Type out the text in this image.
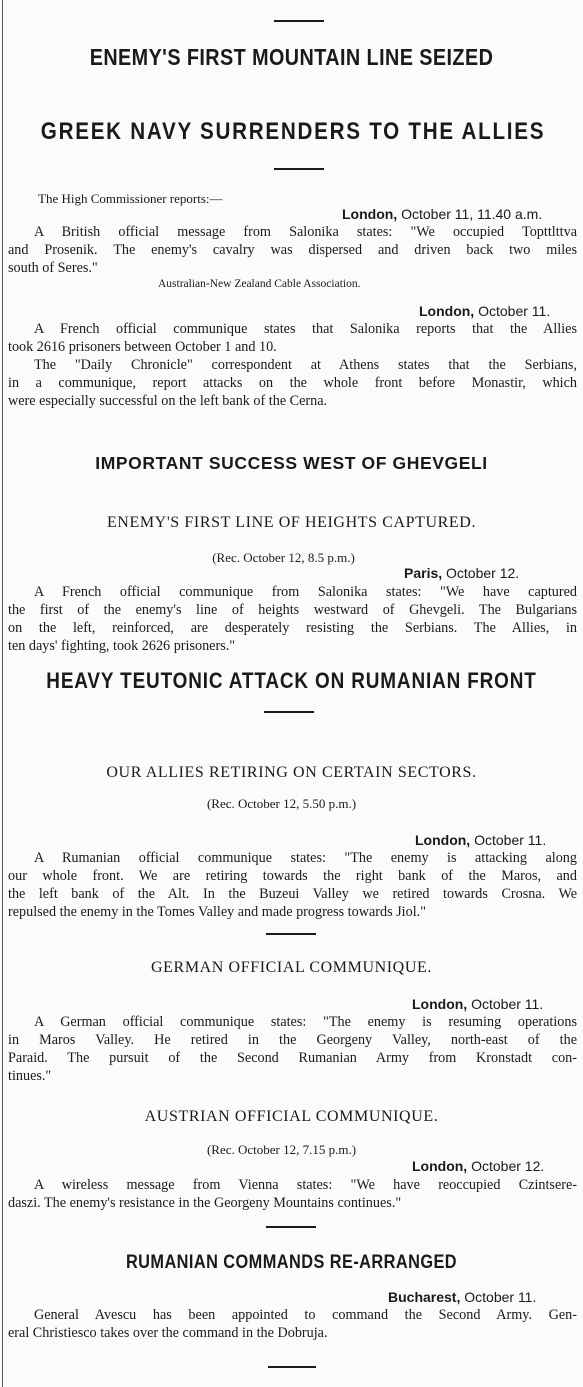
ENEMY'S FIRST MOUNTAIN LINE SEIZED
GREEK NAVY SURRENDERS TO THE ALLIES
The High Commissioner reports:—
London, October 11, 11.40 a.m.
A British official message from Salonika states: "We occupied Topttlttva
and Prosenik. The enemy's cavalry was dispersed and driven back two miles
south of Seres."
Australian-New Zealand Cable Association.
London, October 11.
A French official communique states that Salonika reports that the Allies
took 2616 prisoners between October 1 and 10.
The "Daily Chronicle" correspondent at Athens states that the Serbians,
in a communique, report attacks on the whole front before Monastir, which
were especially successful on the left bank of the Cerna.
IMPORTANT SUCCESS WEST OF GHEVGELI
ENEMY'S FIRST LINE OF HEIGHTS CAPTURED.
(Rec. October 12, 8.5 p.m.)
Paris, October 12.
A French official communique from Salonika states: "We have captured
the first of the enemy's line of heights westward of Ghevgeli. The Bulgarians
on the left, reinforced, are desperately resisting the Serbians. The Allies, in
ten days' fighting, took 2626 prisoners."
HEAVY TEUTONIC ATTACK ON RUMANIAN FRONT
OUR ALLIES RETIRING ON CERTAIN SECTORS.
(Rec. October 12, 5.50 p.m.)
London, October 11.
A Rumanian official communique states: "The enemy is attacking along
our whole front. We are retiring towards the right bank of the Maros, and
the left bank of the Alt. In the Buzeui Valley we retired towards Crosna. We
repulsed the enemy in the Tomes Valley and made progress towards Jiol."
GERMAN OFFICIAL COMMUNIQUE.
London, October 11.
A German official communique states: "The enemy is resuming operations
in Maros Valley. He retired in the Georgeny Valley, north-east of the
Paraid. The pursuit of the Second Rumanian Army from Kronstadt con-
tinues."
AUSTRIAN OFFICIAL COMMUNIQUE.
(Rec. October 12, 7.15 p.m.)
London, October 12.
A wireless message from Vienna states: "We have reoccupied Czintsere-
daszi. The enemy's resistance in the Georgeny Mountains continues."
RUMANIAN COMMANDS RE-ARRANGED
Bucharest, October 11.
General Avescu has been appointed to command the Second Army. Gen-
eral Christiesco takes over the command in the Dobruja.
